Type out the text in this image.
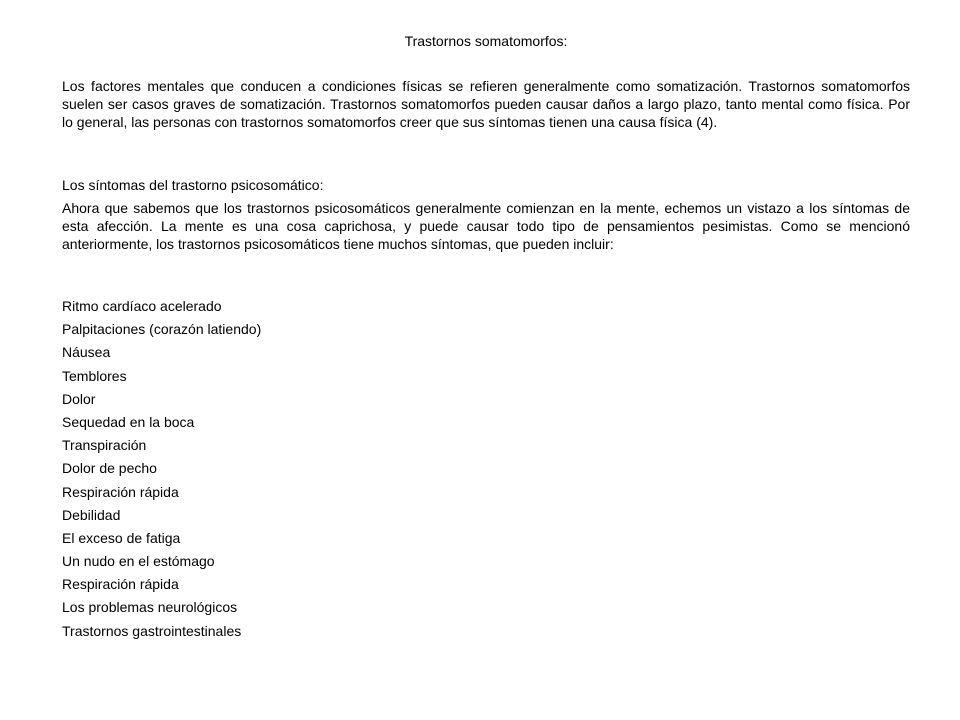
Trastornos somatomorfos:

Los factores mentales que conducen a condiciones físicas se refieren generalmente como somatización. Trastornos somatomorfos suelen ser casos graves de somatización. Trastornos somatomorfos pueden causar daños a largo plazo, tanto mental como física. Por lo general, las personas con trastornos somatomorfos creer que sus síntomas tienen una causa física (4).

Los síntomas del trastorno psicosomático:

Ahora que sabemos que los trastornos psicosomáticos generalmente comienzan en la mente, echemos un vistazo a los síntomas de esta afección. La mente es una cosa caprichosa, y puede causar todo tipo de pensamientos pesimistas. Como se mencionó anteriormente, los trastornos psicosomáticos tiene muchos síntomas, que pueden incluir:

Ritmo cardíaco acelerado
Palpitaciones (corazón latiendo)
Náusea
Temblores
Dolor
Sequedad en la boca
Transpiración
Dolor de pecho
Respiración rápida
Debilidad
El exceso de fatiga
Un nudo en el estómago
Respiración rápida
Los problemas neurológicos
Trastornos gastrointestinales
